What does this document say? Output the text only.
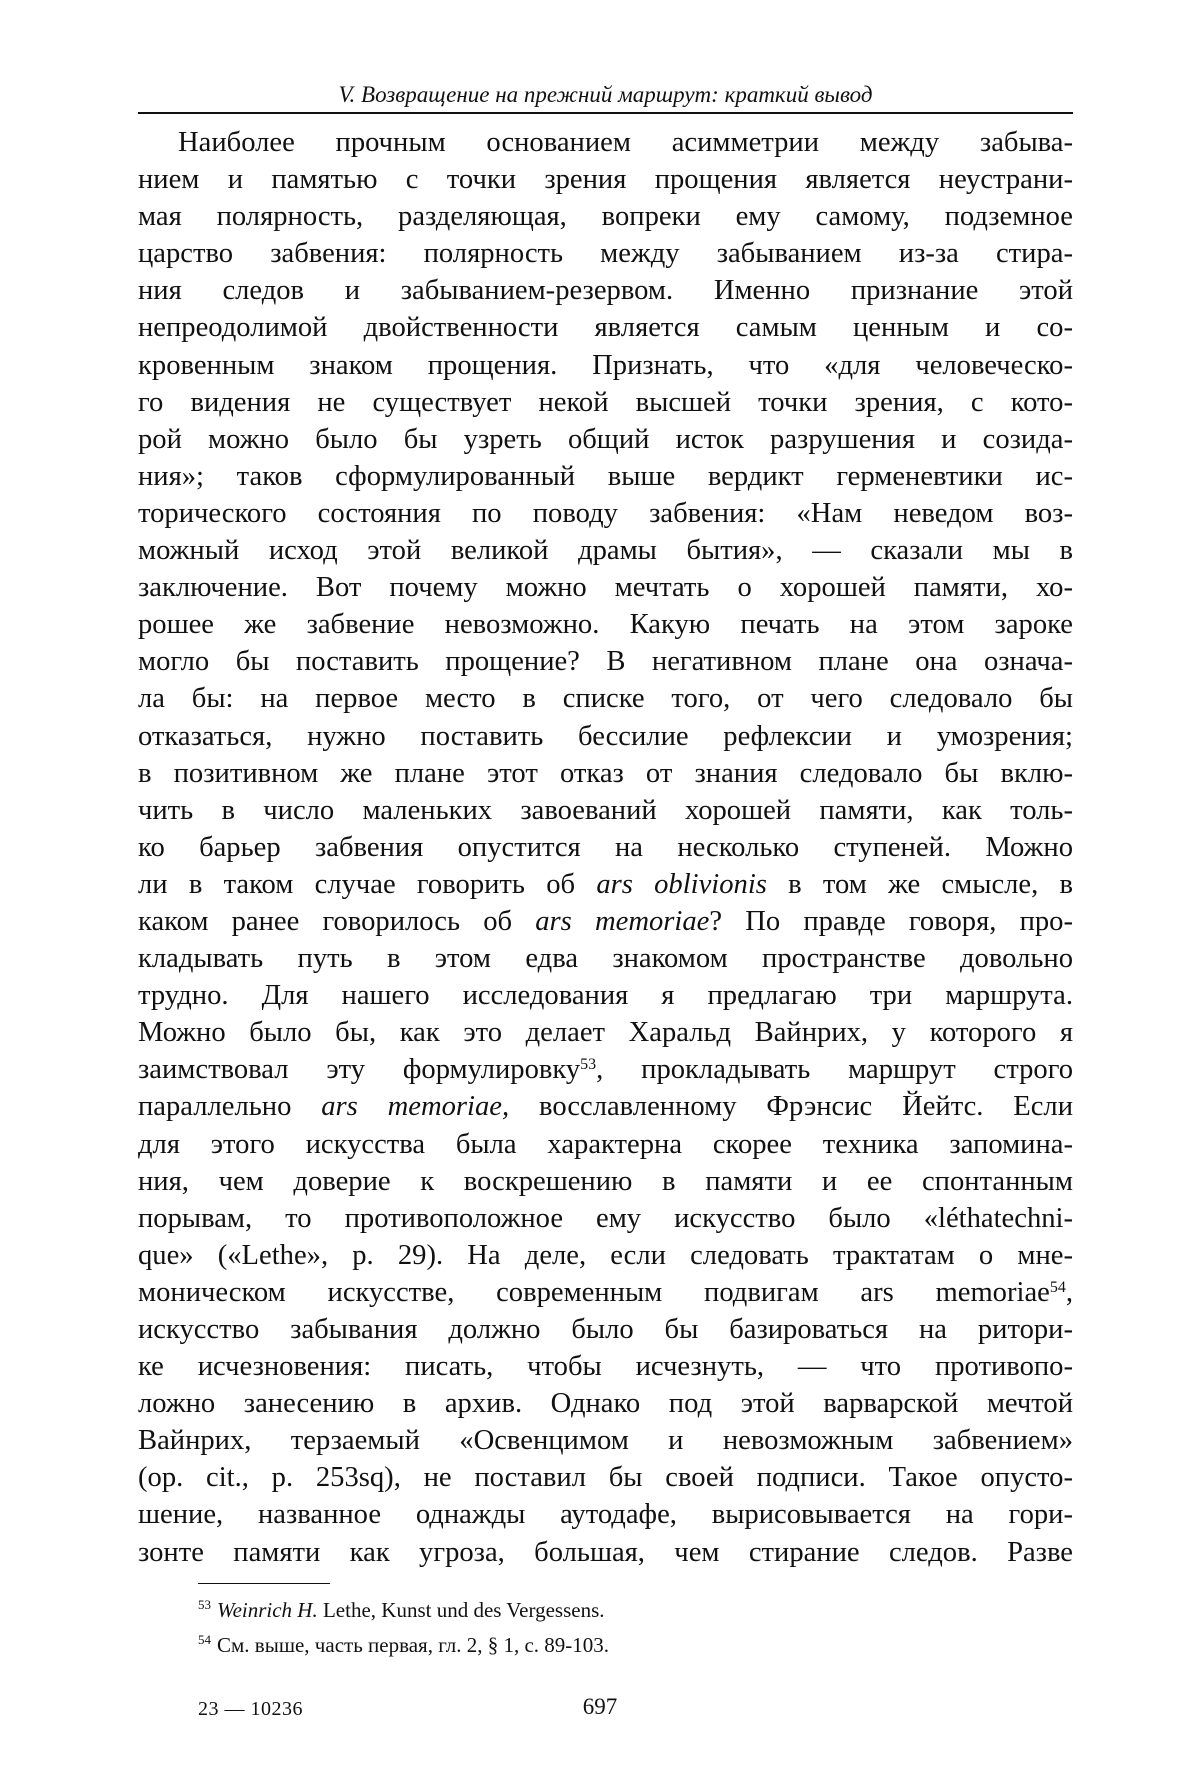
V. Возвращение на прежний маршрут: краткий вывод
Наиболее прочным основанием асимметрии между забыва-
нием и памятью с точки зрения прощения является неустрани-
мая полярность, разделяющая, вопреки ему самому, подземное
царство забвения: полярность между забыванием из-за стира-
ния следов и забыванием-резервом. Именно признание этой
непреодолимой двойственности является самым ценным и со-
кровенным знаком прощения. Признать, что «для человеческо-
го видения не существует некой высшей точки зрения, с кото-
рой можно было бы узреть общий исток разрушения и созида-
ния»; таков сформулированный выше вердикт герменевтики ис-
торического состояния по поводу забвения: «Нам неведом воз-
можный исход этой великой драмы бытия», — сказали мы в
заключение. Вот почему можно мечтать о хорошей памяти, хо-
рошее же забвение невозможно. Какую печать на этом зароке
могло бы поставить прощение? В негативном плане она означа-
ла бы: на первое место в списке того, от чего следовало бы
отказаться, нужно поставить бессилие рефлексии и умозрения;
в позитивном же плане этот отказ от знания следовало бы вклю-
чить в число маленьких завоеваний хорошей памяти, как толь-
ко барьер забвения опустится на несколько ступеней. Можно
ли в таком случае говорить об ars oblivionis в том же смысле, в
каком ранее говорилось об ars memoriae? По правде говоря, про-
кладывать путь в этом едва знакомом пространстве довольно
трудно. Для нашего исследования я предлагаю три маршрута.
Можно было бы, как это делает Харальд Вайнрих, у которого я
заимствовал эту формулировку$^{53}$, прокладывать маршрут строго
параллельно ars memoriae, восславленному Фрэнсис Йейтс. Если
для этого искусства была характерна скорее техника запомина-
ния, чем доверие к воскрешению в памяти и ее спонтанным
порывам, то противоположное ему искусство было «léthatechni-
que» («Lethe», p. 29). На деле, если следовать трактатам о мне-
моническом искусстве, современным подвигам ars memoriae$^{54}$,
искусство забывания должно было бы базироваться на ритори-
ке исчезновения: писать, чтобы исчезнуть, — что противопо-
ложно занесению в архив. Однако под этой варварской мечтой
Вайнрих, терзаемый «Освенцимом и невозможным забвением»
(op. cit., p. 253sq), не поставил бы своей подписи. Такое опусто-
шение, названное однажды аутодафе, вырисовывается на гори-
зонте памяти как угроза, большая, чем стирание следов. Разве
$^{53}$ Weinrich H. Lethe, Kunst und des Vergessens.
$^{54}$ См. выше, часть первая, гл. 2, § 1, с. 89-103.
23 — 10236	697
